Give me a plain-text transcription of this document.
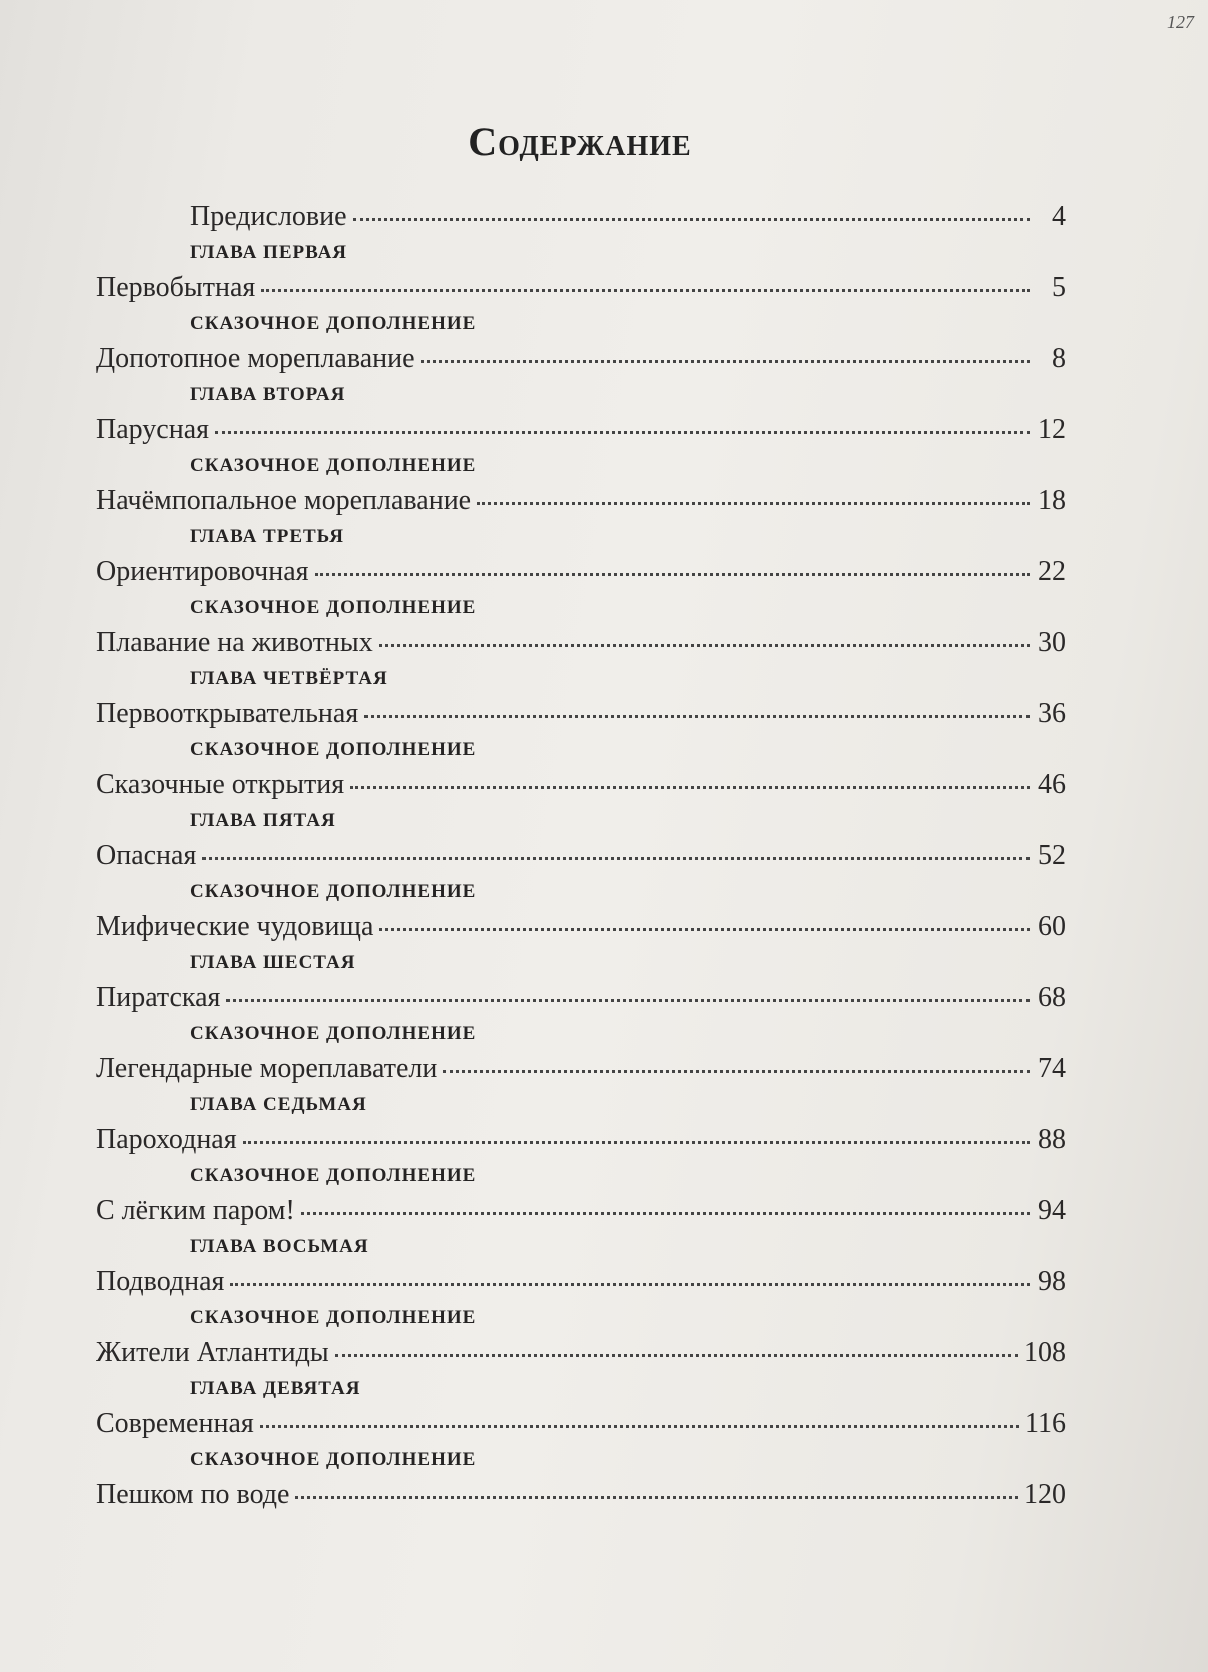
127
Содержание
Предисловие	4
ГЛАВА ПЕРВАЯ
Первобытная	5
СКАЗОЧНОЕ ДОПОЛНЕНИЕ
Допотопное мореплавание	8
ГЛАВА ВТОРАЯ
Парусная	12
СКАЗОЧНОЕ ДОПОЛНЕНИЕ
Начёмпопальное мореплавание	18
ГЛАВА ТРЕТЬЯ
Ориентировочная	22
СКАЗОЧНОЕ ДОПОЛНЕНИЕ
Плавание на животных	30
ГЛАВА ЧЕТВЁРТАЯ
Первооткрывательная	36
СКАЗОЧНОЕ ДОПОЛНЕНИЕ
Сказочные открытия	46
ГЛАВА ПЯТАЯ
Опасная	52
СКАЗОЧНОЕ ДОПОЛНЕНИЕ
Мифические чудовища	60
ГЛАВА ШЕСТАЯ
Пиратская	68
СКАЗОЧНОЕ ДОПОЛНЕНИЕ
Легендарные мореплаватели	74
ГЛАВА СЕДЬМАЯ
Пароходная	88
СКАЗОЧНОЕ ДОПОЛНЕНИЕ
С лёгким паром!	94
ГЛАВА ВОСЬМАЯ
Подводная	98
СКАЗОЧНОЕ ДОПОЛНЕНИЕ
Жители Атлантиды	108
ГЛАВА ДЕВЯТАЯ
Современная	116
СКАЗОЧНОЕ ДОПОЛНЕНИЕ
Пешком по воде	120
